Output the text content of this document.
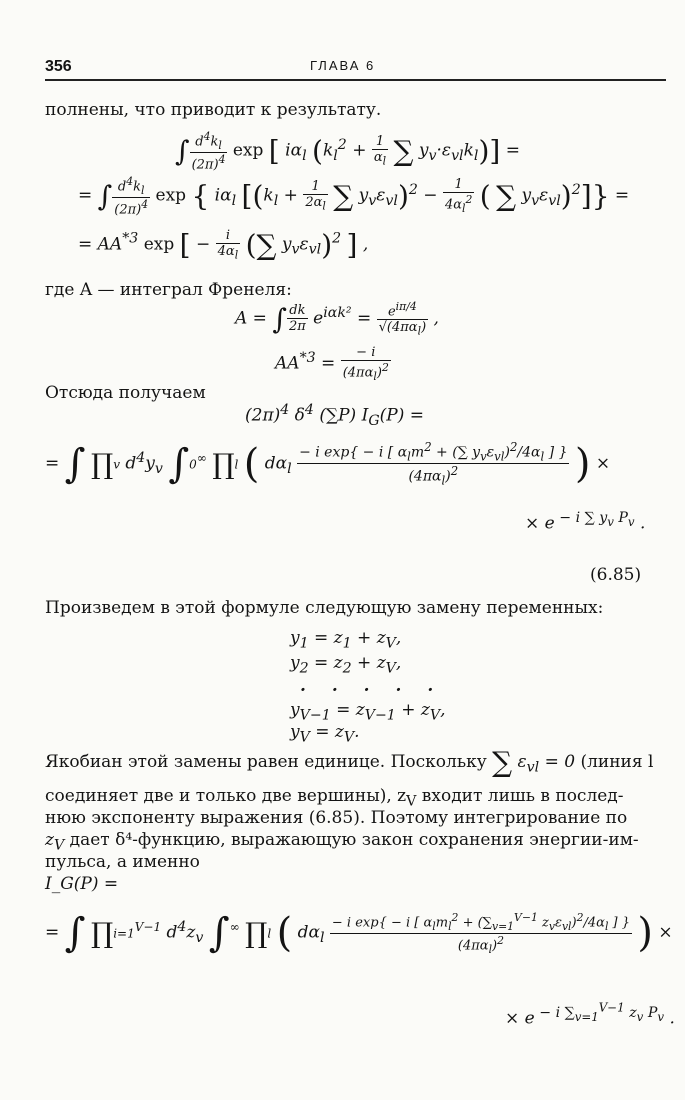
356	ГЛАВА 6
полнены, что приводит к результату.
∫ $\frac{d^4k_l}{(2\pi)^4}$ exp [ $i\alpha_l$ ($k_l^2 + \frac{1}{\alpha_l}$ ∑ $y_v\cdot\varepsilon_{vl}k_l$)] =
= ∫ $\frac{d^4k_l}{(2\pi)^4}$ exp { $i\alpha_l$ [($k_l + \frac{1}{2\alpha_l}$ ∑ $y_v\varepsilon_{vl})^2 - \frac{1}{4\alpha_l^2}$ ( ∑ $y_v\varepsilon_{vl})^2$]} =
= $AA^{*3}$ exp [ − $\frac{i}{4\alpha_l}$ (∑ $y_v\varepsilon_{vl})^2$ ] ,
где A — интеграл Френеля:
A = ∫ $\frac{dk}{2\pi} e^{i\alpha k^2} = \frac{e^{i\pi/4}}{√(4\pi\alpha_l)}$ ,
$AA^{*3} = \frac{- i}{(4\pi\alpha_l)^2}$
Отсюда получаем
$(2\pi)^4$ $\delta^4$ (∑P) $I_G(P)$ =
= ∫ ∏v $d^4y_v$ ∫0∞ ∏l ( $d\alpha_l \frac{- i \exp\{ - i [ \alpha_lm^2 + (\sum y_v\varepsilon_{vl})^2/4\alpha_l ] \}}{(4\pi\alpha_l)^2}$ ) ×
× e $^{- i \sum y_v P_v}$ .
(6.85)
Произведем в этой формуле следующую замену переменных:
$y_1 = z_1 + z_V$,
$y_2 = z_2 + z_V$,
. . . . .
$y_{V-1} = z_{V-1} + z_V$,
$y_V = z_V$.
Якобиан этой замены равен единице. Поскольку ∑ $\varepsilon_{vl} = 0$ (линия l
соединяет две и только две вершины), $z_V$ входит лишь в послед-
нюю экспоненту выражения (6.85). Поэтому интегрирование по
$z_V$ дает δ⁴-функцию, выражающую закон сохранения энергии-им-
пульса, а именно
I_G(P) =
= ∫ $\prod i=1^{V-1}$ $d^4z_v$ ∫∞ ∏l ( $d\alpha_l \frac{- i \exp\{ - i [ \alpha_lm_l^2 + (\sum_{v=1}^{V-1} z_v\varepsilon_{vl})^2/4\alpha_l ] \}}{(4\pi\alpha_l)^2}$ ) ×
× e $^{- i \sum_{v=1}^{V-1} z_v P_v}$ .
